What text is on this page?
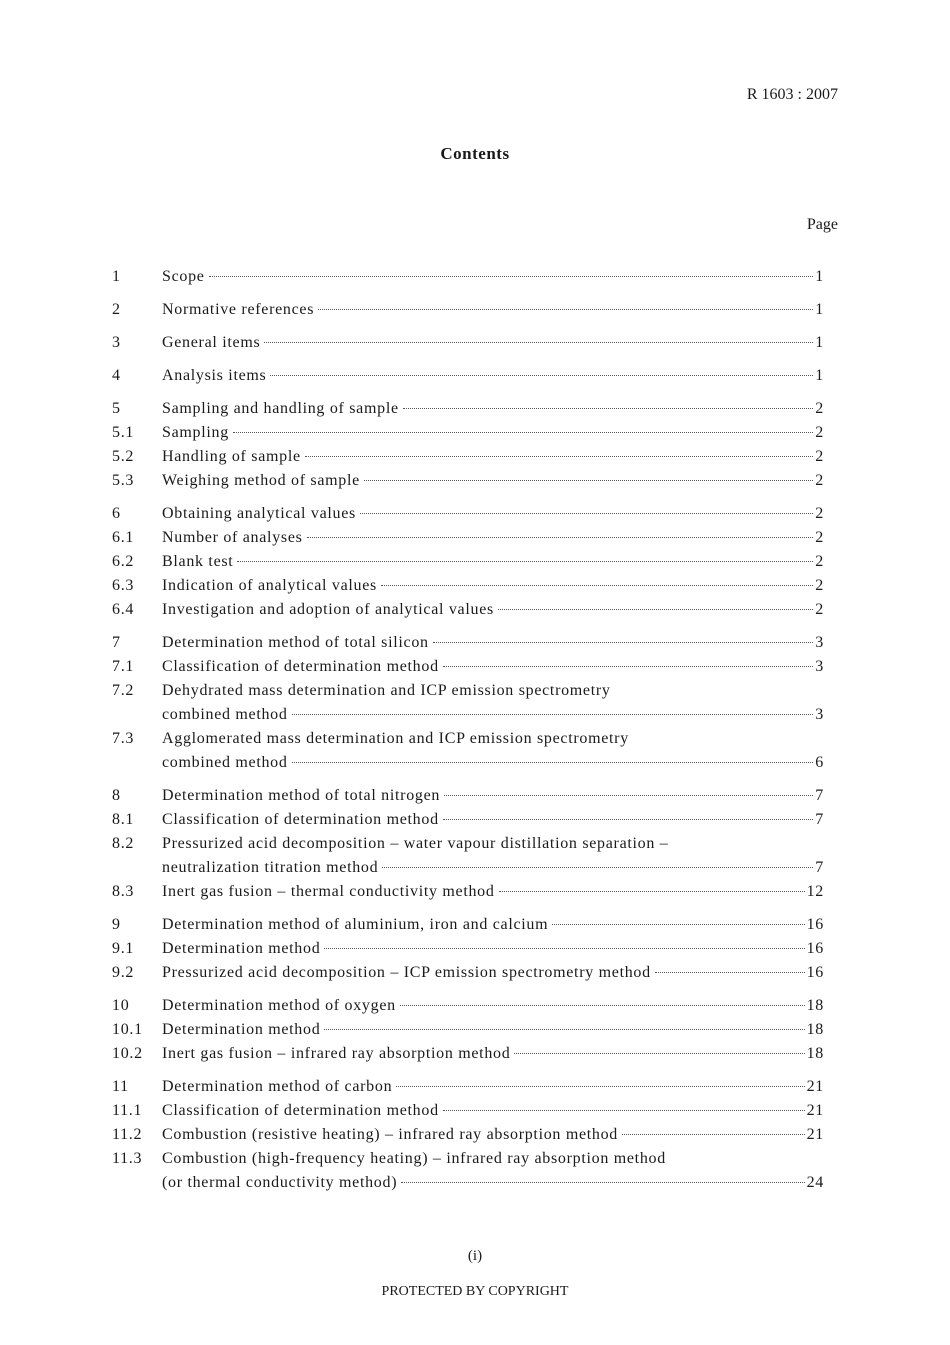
R 1603 : 2007
Contents
Page
1	Scope	1
2	Normative references	1
3	General items	1
4	Analysis items	1
5	Sampling and handling of sample	2
5.1	Sampling	2
5.2	Handling of sample	2
5.3	Weighing method of sample	2
6	Obtaining analytical values	2
6.1	Number of analyses	2
6.2	Blank test	2
6.3	Indication of analytical values	2
6.4	Investigation and adoption of analytical values	2
7	Determination method of total silicon	3
7.1	Classification of determination method	3
7.2	Dehydrated mass determination and ICP emission spectrometry
combined method	3
7.3	Agglomerated mass determination and ICP emission spectrometry
combined method	6
8	Determination method of total nitrogen	7
8.1	Classification of determination method	7
8.2	Pressurized acid decomposition – water vapour distillation separation –
neutralization titration method	7
8.3	Inert gas fusion – thermal conductivity method	12
9	Determination method of aluminium, iron and calcium	16
9.1	Determination method	16
9.2	Pressurized acid decomposition – ICP emission spectrometry method	16
10	Determination method of oxygen	18
10.1	Determination method	18
10.2	Inert gas fusion – infrared ray absorption method	18
11	Determination method of carbon	21
11.1	Classification of determination method	21
11.2	Combustion (resistive heating) – infrared ray absorption method	21
11.3	Combustion (high-frequency heating) – infrared ray absorption method
(or thermal conductivity method)	24
(i)
PROTECTED BY COPYRIGHT
